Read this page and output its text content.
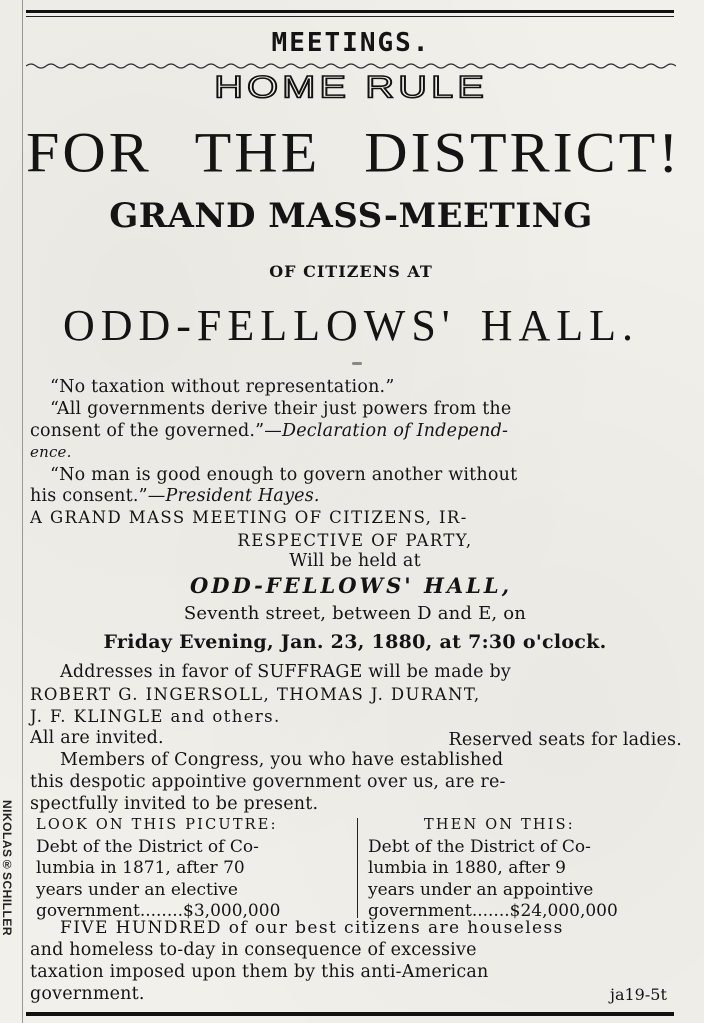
NIKOLAS®SCHILLER
MEETINGS.
HOME RULE
FOR THE DISTRICT!
GRAND MASS-MEETING
OF CITIZENS AT
ODD-FELLOWS' HALL.
“No taxation without representation.”
“All governments derive their just powers from the
consent of the governed.”—Declaration of Independ-
ence.
“No man is good enough to govern another without
his consent.”—President Hayes.
A GRAND MASS MEETING OF CITIZENS, IR-
RESPECTIVE OF PARTY,
Will be held at
ODD-FELLOWS' HALL,
Seventh street, between D and E, on
Friday Evening, Jan. 23, 1880, at 7:30 o'clock.
Addresses in favor of SUFFRAGE will be made by
ROBERT G. INGERSOLL, THOMAS J. DURANT,
J. F. KLINGLE and others.
All are invited.	Reserved seats for ladies.
Members of Congress, you who have established
this despotic appointive government over us, are re-
spectfully invited to be present.
LOOK ON THIS PICUTRE:
Debt of the District of Co-
lumbia in 1871, after 70
years under an elective
government........$3,000,000
THEN ON THIS:
Debt of the District of Co-
lumbia in 1880, after 9
years under an appointive
government.......$24,000,000
FIVE HUNDRED of our best citizens are houseless
and homeless to-day in consequence of excessive
taxation imposed upon them by this anti-American
government.	ja19-5t
